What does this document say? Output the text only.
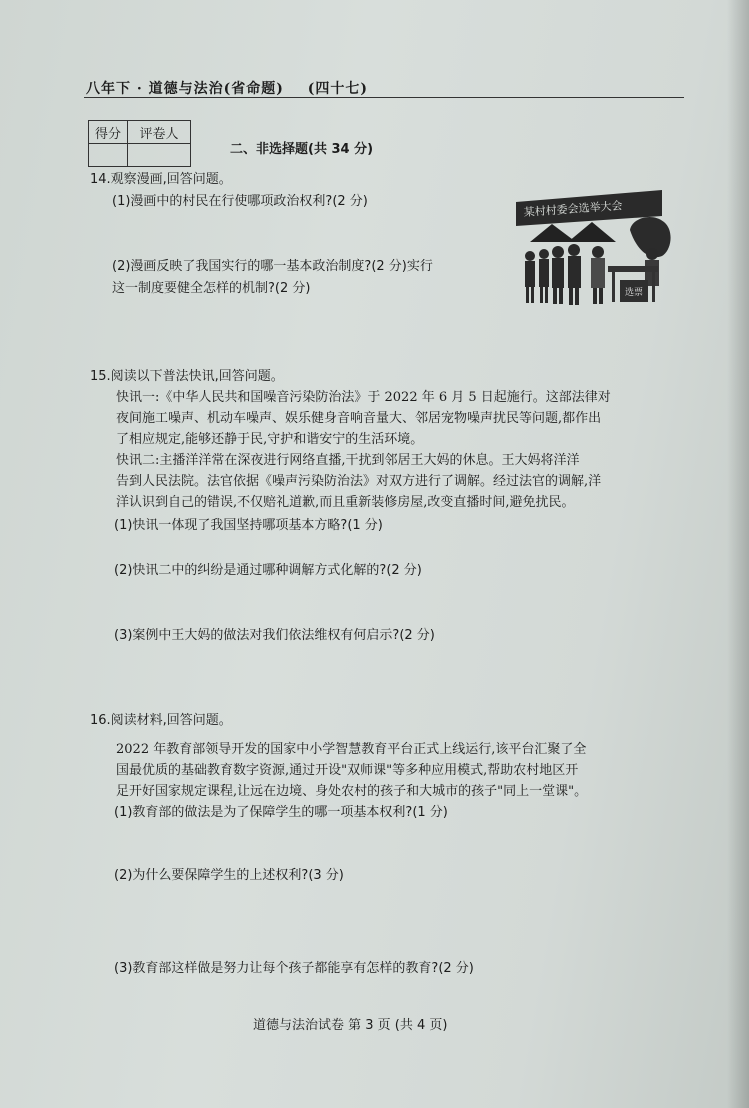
八年下 · 道德与法治(省命题) (四十七)
得分	评卷人

二、非选择题(共 34 分)
14.观察漫画,回答问题。
(1)漫画中的村民在行使哪项政治权利?(2 分)
(2)漫画反映了我国实行的哪一基本政治制度?(2 分)实行
这一制度要健全怎样的机制?(2 分)
某村村委会选举大会
选票
15.阅读以下普法快讯,回答问题。
快讯一:《中华人民共和国噪音污染防治法》于 2022 年 6 月 5 日起施行。这部法律对
夜间施工噪声、机动车噪声、娱乐健身音响音量大、邻居宠物噪声扰民等问题,都作出
了相应规定,能够还静于民,守护和谐安宁的生活环境。
快讯二:主播洋洋常在深夜进行网络直播,干扰到邻居王大妈的休息。王大妈将洋洋
告到人民法院。法官依据《噪声污染防治法》对双方进行了调解。经过法官的调解,洋
洋认识到自己的错误,不仅赔礼道歉,而且重新装修房屋,改变直播时间,避免扰民。
(1)快讯一体现了我国坚持哪项基本方略?(1 分)
(2)快讯二中的纠纷是通过哪种调解方式化解的?(2 分)
(3)案例中王大妈的做法对我们依法维权有何启示?(2 分)
16.阅读材料,回答问题。
2022 年教育部领导开发的国家中小学智慧教育平台正式上线运行,该平台汇聚了全
国最优质的基础教育数字资源,通过开设"双师课"等多种应用模式,帮助农村地区开
足开好国家规定课程,让远在边境、身处农村的孩子和大城市的孩子"同上一堂课"。
(1)教育部的做法是为了保障学生的哪一项基本权利?(1 分)
(2)为什么要保障学生的上述权利?(3 分)
(3)教育部这样做是努力让每个孩子都能享有怎样的教育?(2 分)
道德与法治试卷 第 3 页 (共 4 页)
